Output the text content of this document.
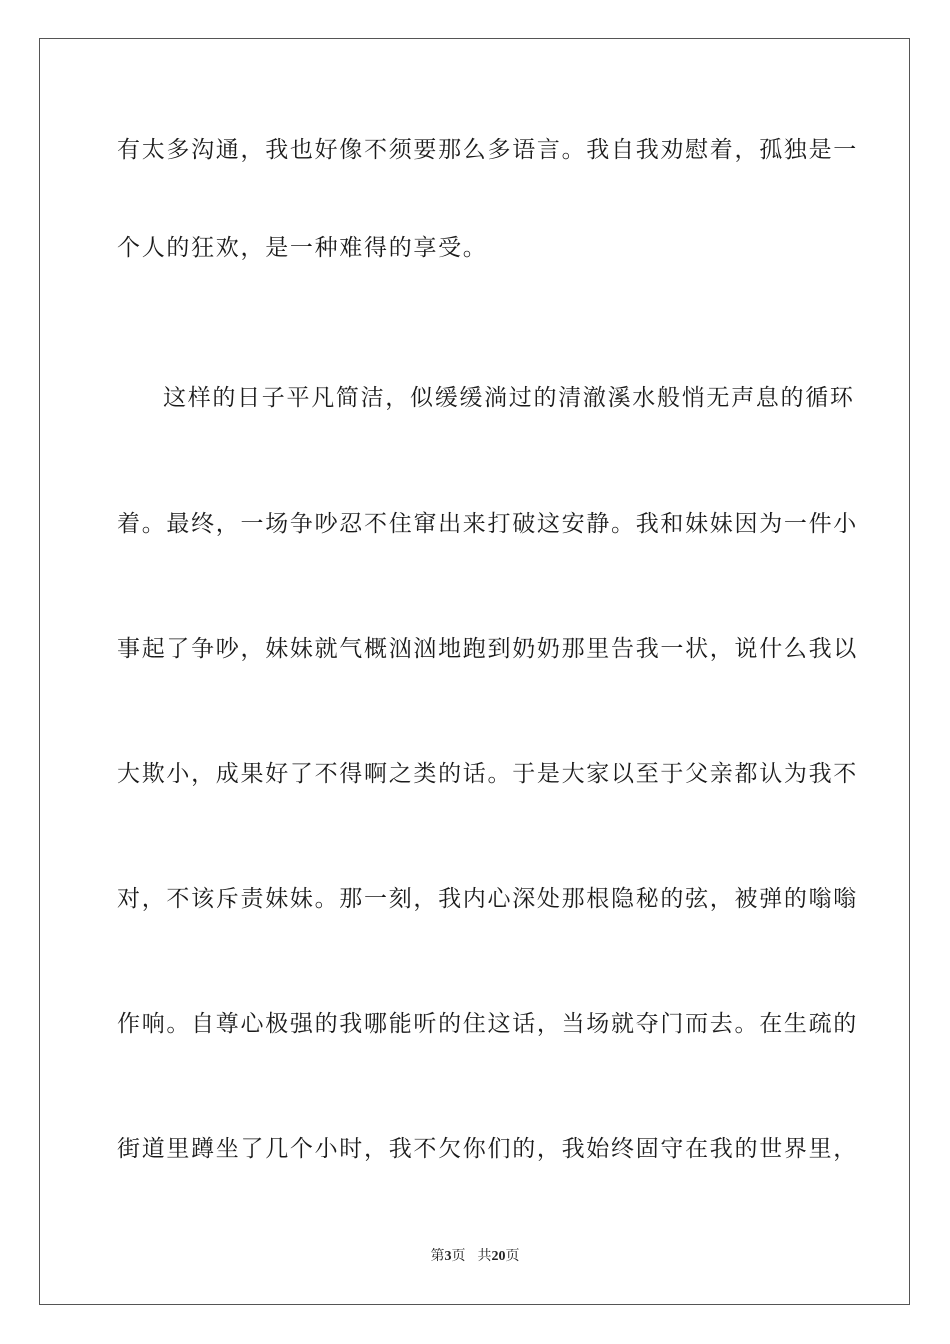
有太多沟通，我也好像不须要那么多语言。我自我劝慰着，孤独是一
个人的狂欢，是一种难得的享受。
这样的日子平凡简洁，似缓缓淌过的清澈溪水般悄无声息的循环
着。最终，一场争吵忍不住窜出来打破这安静。我和妹妹因为一件小
事起了争吵，妹妹就气概汹汹地跑到奶奶那里告我一状，说什么我以
大欺小，成果好了不得啊之类的话。于是大家以至于父亲都认为我不
对，不该斥责妹妹。那一刻，我内心深处那根隐秘的弦，被弹的嗡嗡
作响。自尊心极强的我哪能听的住这话，当场就夺门而去。在生疏的
街道里蹲坐了几个小时，我不欠你们的，我始终固守在我的世界里，
第3页 共20页
